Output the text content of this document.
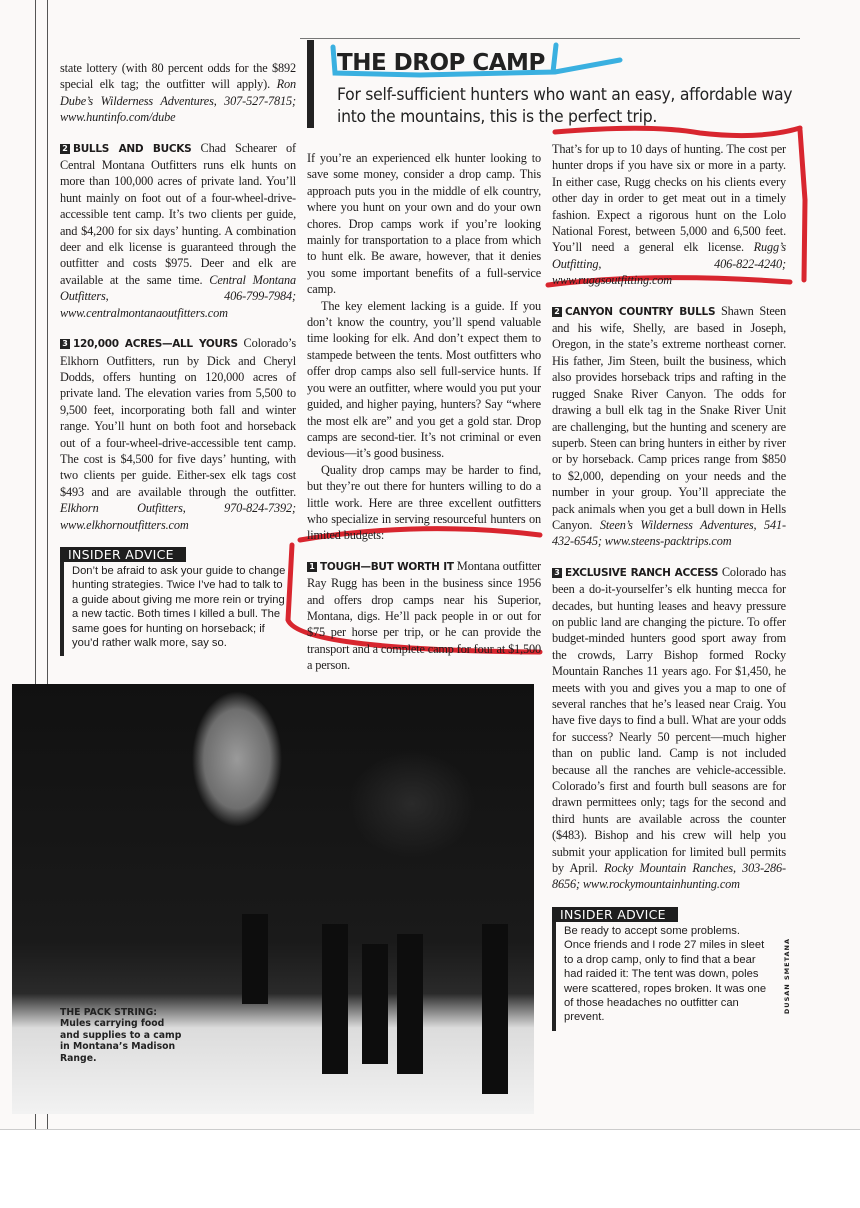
state lottery (with 80 percent odds for the $892 special elk tag; the outfitter will apply). Ron Dube’s Wilderness Adventures, 307-527-7815; www.huntinfo.com/dube

2 BULLS AND BUCKS Chad Schearer of Central Montana Outfitters runs elk hunts on more than 100,000 acres of private land. You’ll hunt mainly on foot out of a four-wheel-drive-accessible tent camp. It’s two clients per guide, and $4,200 for six days’ hunting. A combination deer and elk license is guaranteed through the outfitter and costs $975. Deer and elk are available at the same time. Central Montana Outfitters, 406-799-7984; www.centralmontanaoutfitters.com

3 120,000 ACRES—ALL YOURS Colorado’s Elkhorn Outfitters, run by Dick and Cheryl Dodds, offers hunting on 120,000 acres of private land. The elevation varies from 5,500 to 9,500 feet, incorporating both fall and winter range. You’ll hunt on both foot and horseback out of a four-wheel-drive-accessible tent camp. The cost is $4,500 for five days’ hunting, with two clients per guide. Either-sex elk tags cost $493 and are available through the outfitter. Elkhorn Outfitters, 970-824-7392; www.elkhornoutfitters.com

INSIDER ADVICE
Don’t be afraid to ask your guide to change hunting strategies. Twice I’ve had to talk to a guide about giving me more rein or trying a new tactic. Both times I killed a bull. The same goes for hunting on horseback; if you’d rather walk more, say so.
THE DROP CAMP
For self-sufficient hunters who want an easy, affordable way into the mountains, this is the perfect trip.

If you’re an experienced elk hunter looking to save some money, consider a drop camp. This approach puts you in the middle of elk country, where you hunt on your own and do your own chores. Drop camps work if you’re looking mainly for transportation to a place from which to hunt elk. Be aware, however, that it denies you some important benefits of a full-service camp.

The key element lacking is a guide. If you don’t know the country, you’ll spend valuable time looking for elk. And don’t expect them to stampede between the tents. Most outfitters who offer drop camps also sell full-service hunts. If you were an outfitter, where would you put your guided, and higher paying, hunters? Say “where the most elk are” and you get a gold star. Drop camps are second-tier. It’s not criminal or even devious—it’s good business.

Quality drop camps may be harder to find, but they’re out there for hunters willing to do a little work. Here are three excellent outfitters who specialize in serving resourceful hunters on limited budgets:

1 TOUGH—BUT WORTH IT Montana outfitter Ray Rugg has been in the business since 1956 and offers drop camps near his Superior, Montana, digs. He’ll pack people in or out for $75 per horse per trip, or he can provide the transport and a complete camp for four at $1,500 a person.

That’s for up to 10 days of hunting. The cost per hunter drops if you have six or more in a party. In either case, Rugg checks on his clients every other day in order to get meat out in a timely fashion. Expect a rigorous hunt on the Lolo National Forest, between 5,000 and 6,500 feet. You’ll need a general elk license. Rugg’s Outfitting, 406-822-4240; www.ruggsoutfitting.com

2 CANYON COUNTRY BULLS Shawn Steen and his wife, Shelly, are based in Joseph, Oregon, in the state’s extreme northeast corner. His father, Jim Steen, built the business, which also provides horseback trips and rafting in the rugged Snake River Canyon. The odds for drawing a bull elk tag in the Snake River Unit are challenging, but the hunting and scenery are superb. Steen can bring hunters in either by river or by horseback. Camp prices range from $850 to $2,000, depending on your needs and the number in your group. You’ll appreciate the pack animals when you get a bull down in Hells Canyon. Steen’s Wilderness Adventures, 541-432-6545; www.steens-packtrips.com

3 EXCLUSIVE RANCH ACCESS Colorado has been a do-it-yourselfer’s elk hunting mecca for decades, but hunting leases and heavy pressure on public land are changing the picture. To offer budget-minded hunters good sport away from the crowds, Larry Bishop formed Rocky Mountain Ranches 11 years ago. For $1,450, he meets with you and gives you a map to one of several ranches that he’s leased near Craig. You have five days to find a bull. What are your odds for success? Nearly 50 percent—much higher than on public land. Camp is not included because all the ranches are vehicle-accessible. Colorado’s first and fourth bull seasons are for drawn permittees only; tags for the second and third hunts are available across the counter ($483). Bishop and his crew will help you submit your application for limited bull permits by April. Rocky Mountain Ranches, 303-286-8656; www.rockymountainhunting.com

INSIDER ADVICE
Be ready to accept some problems. Once friends and I rode 27 miles in sleet to a drop camp, only to find that a bear had raided it: The tent was down, poles were scattered, ropes broken. It was one of those headaches no outfitter can prevent.
DUSAN SMETANA
THE PACK STRING:
Mules carrying food and supplies to a camp in Montana’s Madison Range.
